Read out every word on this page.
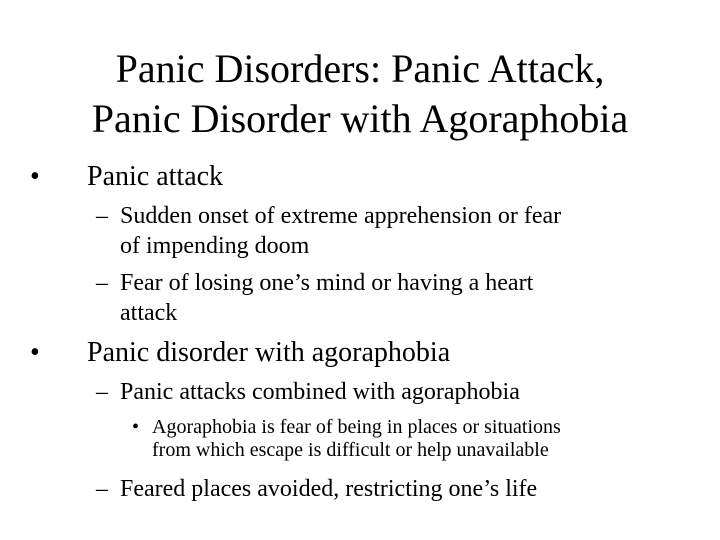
Panic Disorders: Panic Attack,
Panic Disorder with Agoraphobia
• Panic attack
– Sudden onset of extreme apprehension or fear
of impending doom
– Fear of losing one’s mind or having a heart
attack
• Panic disorder with agoraphobia
– Panic attacks combined with agoraphobia
• Agoraphobia is fear of being in places or situations
from which escape is difficult or help unavailable
– Feared places avoided, restricting one’s life
